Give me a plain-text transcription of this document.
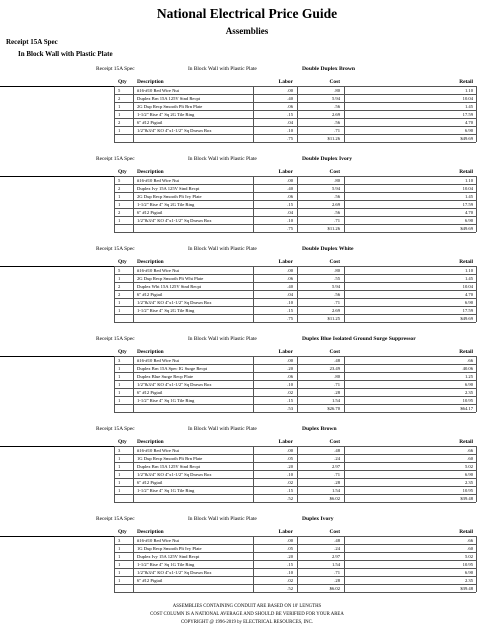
National Electrical Price Guide
Assemblies
Receipt 15A Spec
In Block Wall with Plastic Plate
Receipt 15A Spec	In Block Wall with Plastic Plate	Double Duplex Brown
Qty Description	Labor	Cost	Retail
5	#16-#10 Red Wire Nut	.00	.80	1.10
2	Duplex Brn 15A 125V Stnd Recpt	.40	5.94	10.04
1	2G Dup Recp Smooth Plt Brn Plate	.06	.56	1.45
1	1-1/2" Rise 4" Sq 2G Tile Ring	.15	2.69	17.59
2	6" #12 Pigtail	.04	.56	4.70
1	1/2"&3/4" KO 4"x1-1/2" Sq Drawn Box	.10	.71	6.90
.75	$11.26	$49.69
Receipt 15A Spec	In Block Wall with Plastic Plate	Double Duplex Ivory
Qty Description	Labor	Cost	Retail
5	#16-#10 Red Wire Nut	.00	.80	1.10
2	Duplex Ivy 15A 125V Stnd Recpt	.40	5.94	10.04
1	2G Dup Recp Smooth Plt Ivy Plate	.06	.56	1.45
1	1-1/2" Rise 4" Sq 2G Tile Ring	.15	2.69	17.59
2	6" #12 Pigtail	.04	.56	4.70
1	1/2"&3/4" KO 4"x1-1/2" Sq Drawn Box	.10	.71	6.90
.75	$11.26	$49.69
Receipt 15A Spec	In Block Wall with Plastic Plate	Double Duplex White
Qty Description	Labor	Cost	Retail
5	#16-#10 Red Wire Nut	.00	.80	1.10
1	2G Dup Recp Smooth Plt Wht Plate	.06	.55	1.45
2	Duplex Wht 15A 125V Stnd Recpt	.40	5.94	10.04
2	6" #12 Pigtail	.04	.56	4.70
1	1/2"&3/4" KO 4"x1-1/2" Sq Drawn Box	.10	.71	6.90
1	1-1/2" Rise 4" Sq 2G Tile Ring	.15	2.69	17.59
.75	$11.25	$49.69
Receipt 15A Spec	In Block Wall with Plastic Plate	Duplex Blue Isolated Ground Surge Suppressor
Qty Description	Labor	Cost	Retail
3	#16-#10 Red Wire Nut	.00	.48	.66
1	Duplex Brn 15A Spec IG Surge Recpt	.20	23.49	40.06
1	Duplex Blue Surge Recp Plate	.06	.80	1.25
1	1/2"&3/4" KO 4"x1-1/2" Sq Drawn Box	.10	.71	6.90
1	6" #12 Pigtail	.02	.28	2.35
1	1-1/2" Rise 4" Sq 1G Tile Ring	.15	1.54	10.95
.53	$26.70	$64.17
Receipt 15A Spec	In Block Wall with Plastic Plate	Duplex Brown
Qty Description	Labor	Cost	Retail
3	#16-#10 Red Wire Nut	.00	.48	.66
1	1G Dup Recp Smooth Plt Brn Plate	.05	.24	.60
1	Duplex Brn 15A 125V Stnd Recpt	.20	2.97	5.02
1	1/2"&3/4" KO 4"x1-1/2" Sq Drawn Box	.10	.71	6.90
1	6" #12 Pigtail	.02	.28	2.35
1	1-1/2" Rise 4" Sq 1G Tile Ring	.15	1.54	10.95
.52	$6.02	$39.48
Receipt 15A Spec	In Block Wall with Plastic Plate	Duplex Ivory
Qty Description	Labor	Cost	Retail
3	#16-#10 Red Wire Nut	.00	.48	.66
1	1G Dup Recp Smooth Plt Ivy Plate	.05	.24	.60
1	Duplex Ivy 15A 125V Stnd Recpt	.20	2.97	5.02
1	1-1/2" Rise 4" Sq 1G Tile Ring	.15	1.54	10.95
1	1/2"&3/4" KO 4"x1-1/2" Sq Drawn Box	.10	.71	6.90
1	6" #12 Pigtail	.02	.28	2.35
.52	$6.02	$39.48
ASSEMBLIES CONTAINING CONDUIT ARE BASED ON 10' LENGTHS
COST COLUMN IS A NATIONAL AVERAGE AND SHOULD BE VERIFIED FOR YOUR AREA
COPYRIGHT @ 1996-2019 by ELECTRICAL RESOURCES, INC.
